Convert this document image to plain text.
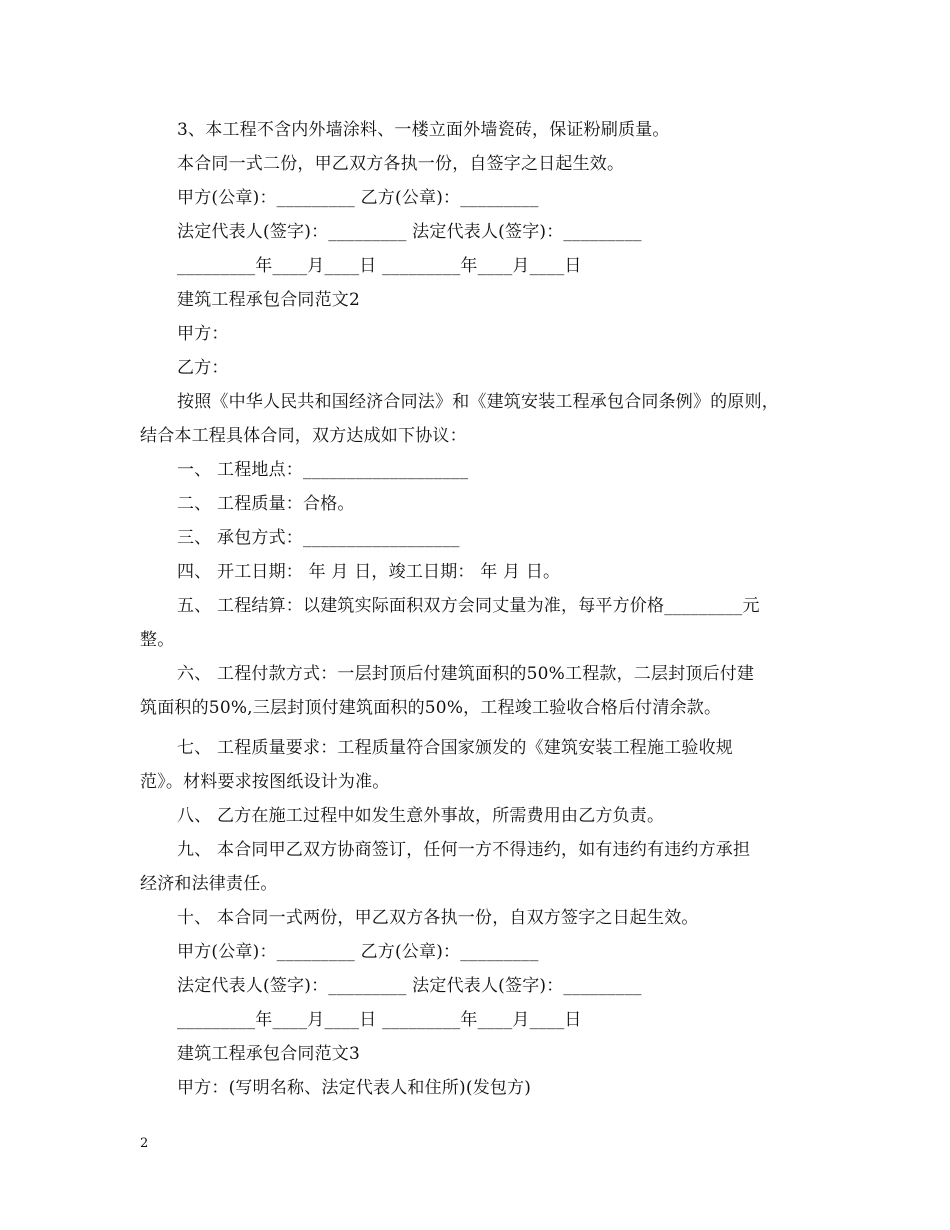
3、本工程不含内外墙涂料、一楼立面外墙瓷砖，保证粉刷质量。
本合同一式二份，甲乙双方各执一份，自签字之日起生效。
甲方(公章)：_________ 乙方(公章)：_________
法定代表人(签字)：_________ 法定代表人(签字)：_________
_________年____月____日 _________年____月____日
建筑工程承包合同范文2
甲方：
乙方：
按照《中华人民共和国经济合同法》和《建筑安装工程承包合同条例》的原则，
结合本工程具体合同，双方达成如下协议：
一、 工程地点：___________________
二、 工程质量：合格。
三、 承包方式：__________________
四、 开工日期： 年 月 日，竣工日期： 年 月 日。
五、 工程结算：以建筑实际面积双方会同丈量为准，每平方价格_________元
整。
六、 工程付款方式：一层封顶后付建筑面积的50%工程款，二层封顶后付建
筑面积的50%,三层封顶付建筑面积的50%，工程竣工验收合格后付清余款。
七、 工程质量要求：工程质量符合国家颁发的《建筑安装工程施工验收规
范》。材料要求按图纸设计为准。
八、 乙方在施工过程中如发生意外事故，所需费用由乙方负责。
九、 本合同甲乙双方协商签订，任何一方不得违约，如有违约有违约方承担
经济和法律责任。
十、 本合同一式两份，甲乙双方各执一份，自双方签字之日起生效。
甲方(公章)：_________ 乙方(公章)：_________
法定代表人(签字)：_________ 法定代表人(签字)：_________
_________年____月____日 _________年____月____日
建筑工程承包合同范文3
甲方：(写明名称、法定代表人和住所)(发包方)
2
